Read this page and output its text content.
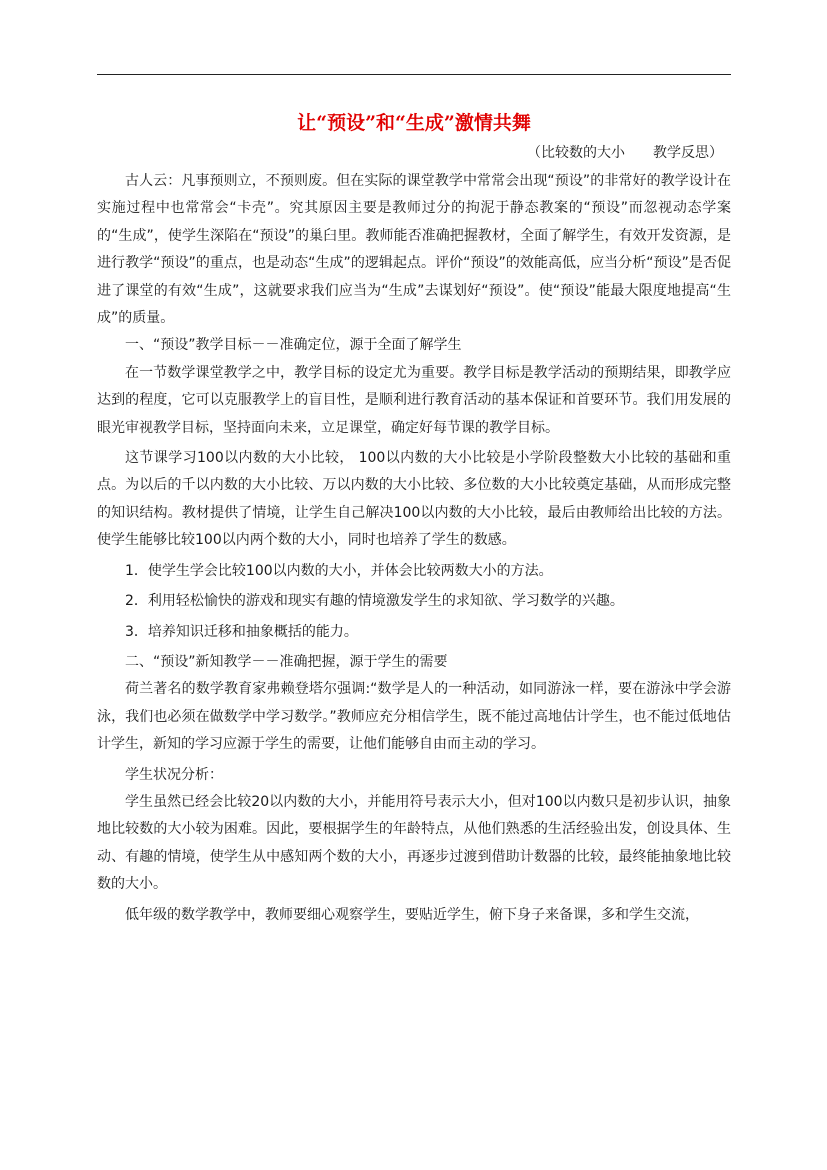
让“预设”和“生成”激情共舞

（比较数的大小　　教学反思）

古人云：凡事预则立，不预则废。但在实际的课堂教学中常常会出现“预设”的非常好的教学设计在实施过程中也常常会“卡壳”。究其原因主要是教师过分的拘泥于静态教案的“预设”而忽视动态学案的“生成”，使学生深陷在“预设”的巢臼里。教师能否准确把握教材，全面了解学生，有效开发资源，是进行教学“预设”的重点，也是动态“生成”的逻辑起点。评价“预设”的效能高低，应当分析“预设”是否促进了课堂的有效“生成”，这就要求我们应当为“生成”去谋划好“预设”。使“预设”能最大限度地提高“生成”的质量。

一、“预设”教学目标－－准确定位，源于全面了解学生

在一节数学课堂教学之中，教学目标的设定尤为重要。教学目标是教学活动的预期结果，即教学应达到的程度，它可以克服教学上的盲目性，是顺利进行教育活动的基本保证和首要环节。我们用发展的眼光审视教学目标，坚持面向未来，立足课堂，确定好每节课的教学目标。

这节课学习100以内数的大小比较， 100以内数的大小比较是小学阶段整数大小比较的基础和重点。为以后的千以内数的大小比较、万以内数的大小比较、多位数的大小比较奠定基础，从而形成完整的知识结构。教材提供了情境，让学生自己解决100以内数的大小比较，最后由教师给出比较的方法。使学生能够比较100以内两个数的大小，同时也培养了学生的数感。

1．使学生学会比较100以内数的大小，并体会比较两数大小的方法。

2．利用轻松愉快的游戏和现实有趣的情境激发学生的求知欲、学习数学的兴趣。

3．培养知识迁移和抽象概括的能力。

二、“预设”新知教学－－准确把握，源于学生的需要

荷兰著名的数学教育家弗赖登塔尔强调:“数学是人的一种活动，如同游泳一样，要在游泳中学会游泳，我们也必须在做数学中学习数学。”教师应充分相信学生，既不能过高地估计学生，也不能过低地估计学生，新知的学习应源于学生的需要，让他们能够自由而主动的学习。

学生状况分析：

学生虽然已经会比较20以内数的大小，并能用符号表示大小，但对100以内数只是初步认识，抽象地比较数的大小较为困难。因此，要根据学生的年龄特点，从他们熟悉的生活经验出发，创设具体、生动、有趣的情境，使学生从中感知两个数的大小，再逐步过渡到借助计数器的比较，最终能抽象地比较数的大小。

低年级的数学教学中，教师要细心观察学生，要贴近学生，俯下身子来备课，多和学生交流，
